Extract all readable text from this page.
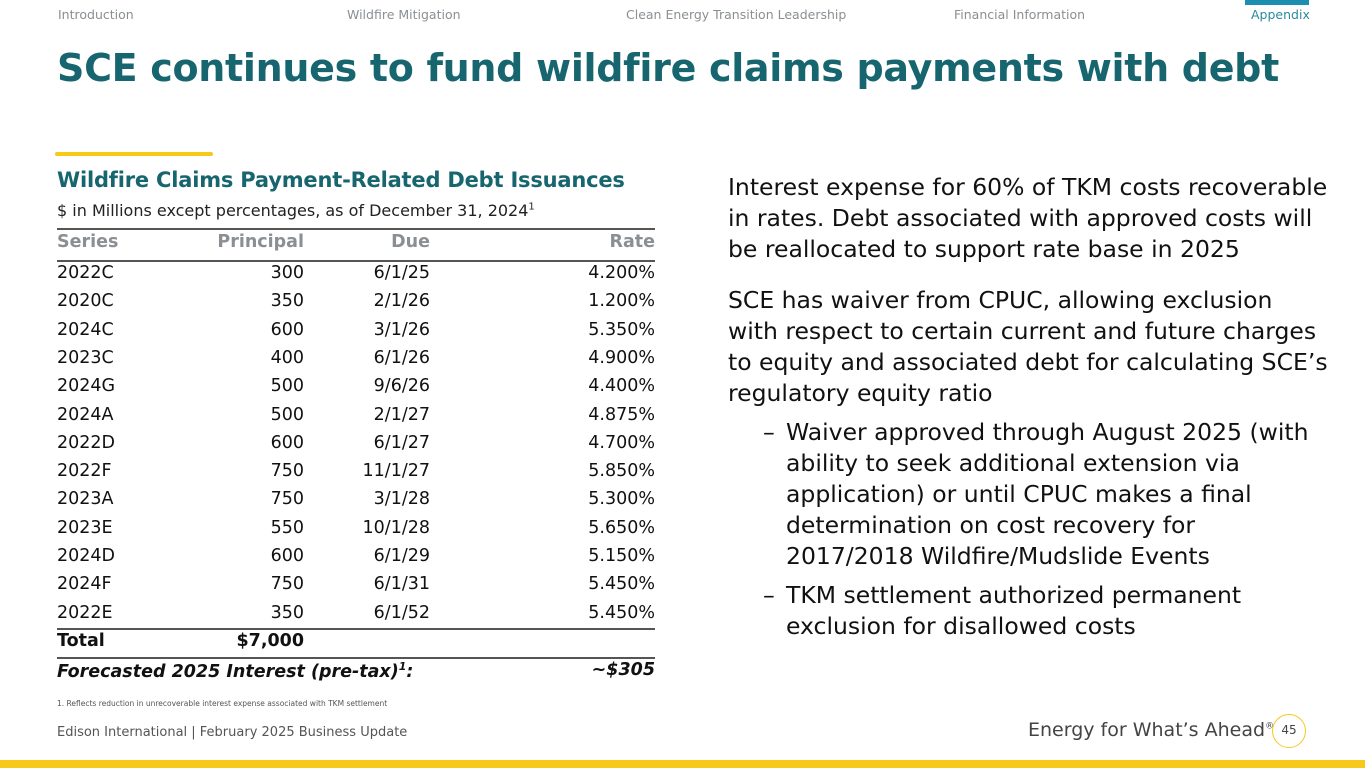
Introduction	Wildfire Mitigation	Clean Energy Transition Leadership	Financial Information	Appendix
SCE continues to fund wildfire claims payments with debt
Wildfire Claims Payment-Related Debt Issuances
$ in Millions except percentages, as of December 31, 2024$^1$
Series	Principal	Due	Rate
2022C	300	6/1/25	4.200%
2020C	350	2/1/26	1.200%
2024C	600	3/1/26	5.350%
2023C	400	6/1/26	4.900%
2024G	500	9/6/26	4.400%
2024A	500	2/1/27	4.875%
2022D	600	6/1/27	4.700%
2022F	750	11/1/27	5.850%
2023A	750	3/1/28	5.300%
2023E	550	10/1/28	5.650%
2024D	600	6/1/29	5.150%
2024F	750	6/1/31	5.450%
2022E	350	6/1/52	5.450%
Total	$7,000
Forecasted 2025 Interest $(pre-tax)^1$:	~$305
1. Reflects reduction in unrecoverable interest expense associated with TKM settlement

Interest expense for 60% of TKM costs recoverable in rates. Debt associated with approved costs will be reallocated to support rate base in 2025

SCE has waiver from CPUC, allowing exclusion with respect to certain current and future charges to equity and associated debt for calculating SCE’s regulatory equity ratio

– Waiver approved through August 2025 (with ability to seek additional extension via application) or until CPUC makes a final determination on cost recovery for 2017/2018 Wildfire/Mudslide Events

– TKM settlement authorized permanent exclusion for disallowed costs

Edison International | February 2025 Business Update	Energy for What’s Ahead® 45
